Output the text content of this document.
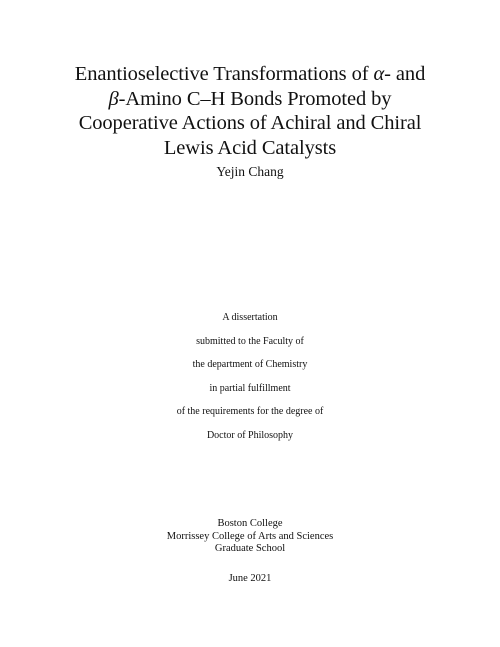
Enantioselective Transformations of α- and
β-Amino C–H Bonds Promoted by
Cooperative Actions of Achiral and Chiral
Lewis Acid Catalysts
Yejin Chang
A dissertation
submitted to the Faculty of
the department of Chemistry
in partial fulfillment
of the requirements for the degree of
Doctor of Philosophy
Boston College
Morrissey College of Arts and Sciences
Graduate School
June 2021
